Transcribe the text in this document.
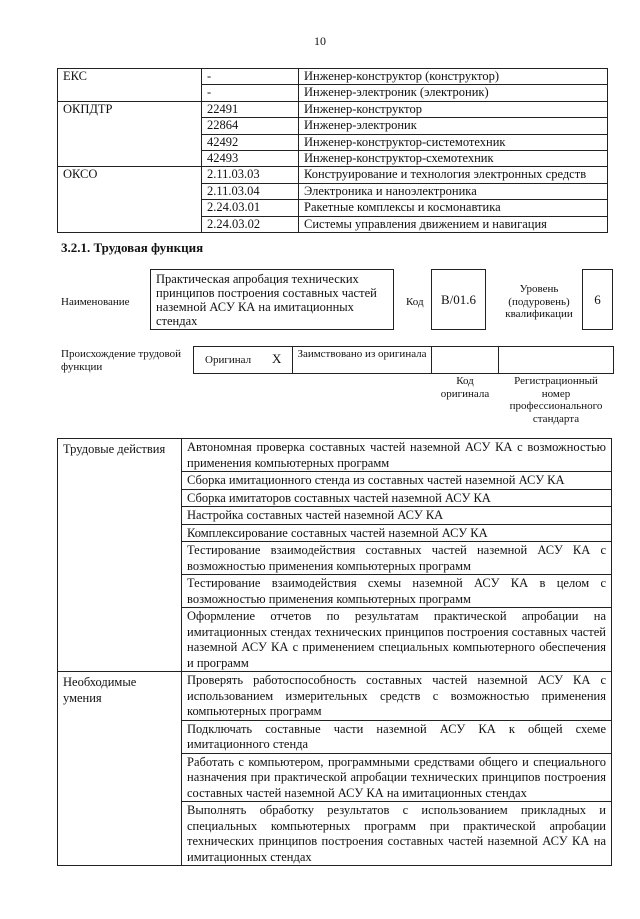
10
ЕКС	-	Инженер-конструктор (конструктор)
	-	Инженер-электроник (электроник)
ОКПДТР	22491	Инженер-конструктор
	22864	Инженер-электроник
	42492	Инженер-конструктор-системотехник
	42493	Инженер-конструктор-схемотехник
ОКСО	2.11.03.03	Конструирование и технология электронных средств
	2.11.03.04	Электроника и наноэлектроника
	2.24.03.01	Ракетные комплексы и космонавтика
	2.24.03.02	Системы управления движением и навигация
3.2.1. Трудовая функция
Наименование
Практическая апробация технических принципов построения составных частей наземной АСУ КА на имитационных стендах
Код	В/01.6
Уровень (подуровень) квалификации
6
Происхождение трудовой функции
Оригинал X Заимствовано из оригинала
Код оригинала
Регистрационный номер профессионального стандарта
Трудовые действия	Автономная проверка составных частей наземной АСУ КА с возможностью применения компьютерных программ
	Сборка имитационного стенда из составных частей наземной АСУ КА
	Сборка имитаторов составных частей наземной АСУ КА
	Настройка составных частей наземной АСУ КА
	Комплексирование составных частей наземной АСУ КА
	Тестирование взаимодействия составных частей наземной АСУ КА с возможностью применения компьютерных программ
	Тестирование взаимодействия схемы наземной АСУ КА в целом с возможностью применения компьютерных программ
	Оформление отчетов по результатам практической апробации на имитационных стендах технических принципов построения составных частей наземной АСУ КА с применением специальных компьютерного обеспечения и программ
Необходимые умения	Проверять работоспособность составных частей наземной АСУ КА с использованием измерительных средств с возможностью применения компьютерных программ
	Подключать составные части наземной АСУ КА к общей схеме имитационного стенда
	Работать с компьютером, программными средствами общего и специального назначения при практической апробации технических принципов построения составных частей наземной АСУ КА на имитационных стендах
	Выполнять обработку результатов с использованием прикладных и специальных компьютерных программ при практической апробации технических принципов построения составных частей наземной АСУ КА на имитационных стендах
